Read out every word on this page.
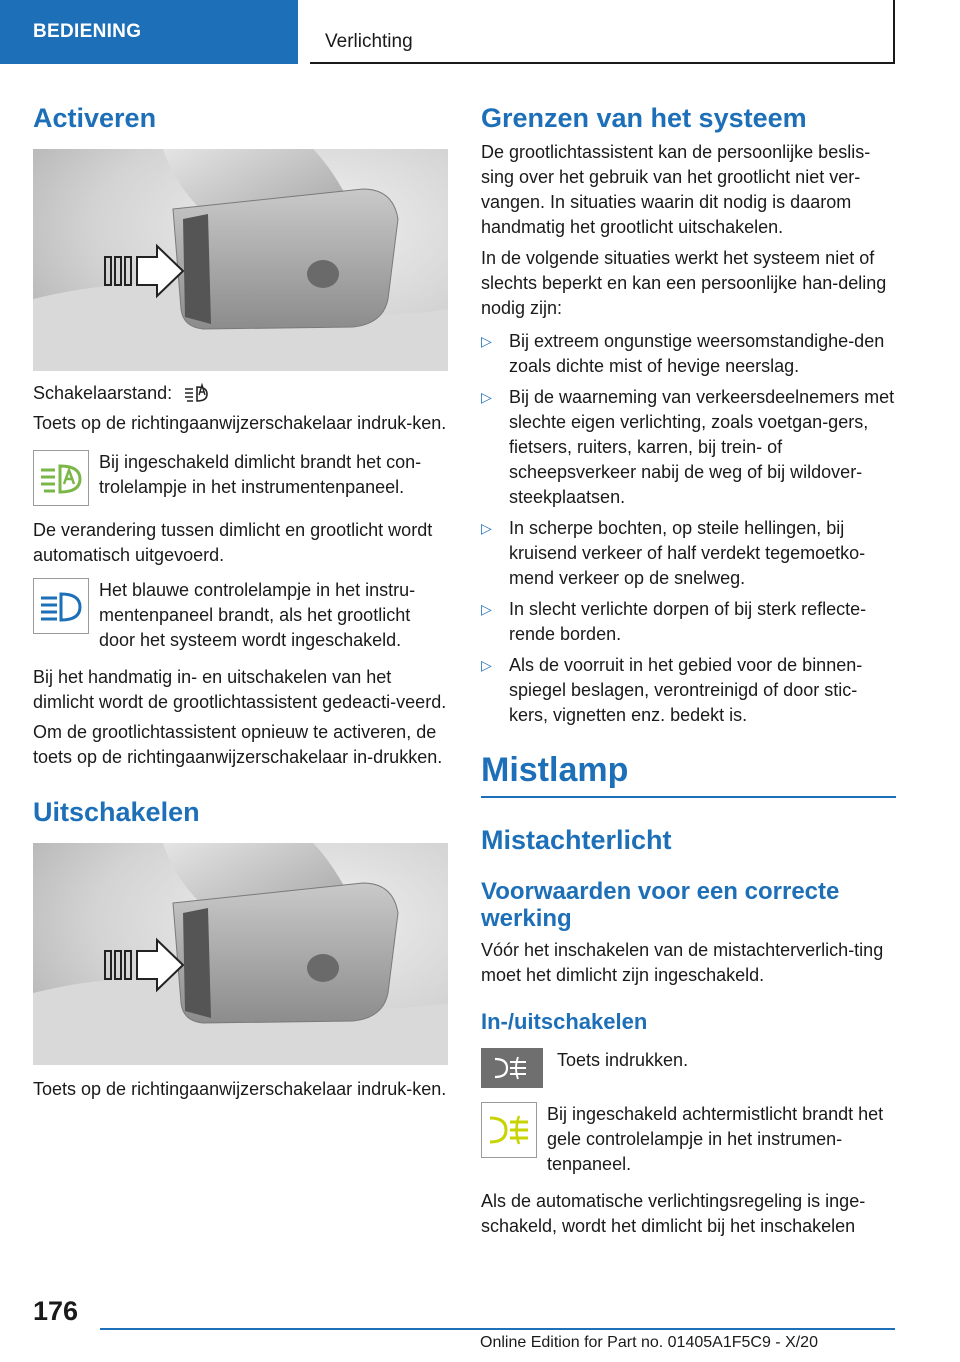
BEDIENING	Verlichting
Activeren

Schakelaarstand:

Toets op de richtingaanwijzerschakelaar indruk-ken.

Bij ingeschakeld dimlicht brandt het con-trolelampje in het instrumentenpaneel.

De verandering tussen dimlicht en grootlicht wordt automatisch uitgevoerd.

Het blauwe controlelampje in het instru-mentenpaneel brandt, als het grootlicht door het systeem wordt ingeschakeld.

Bij het handmatig in- en uitschakelen van het dimlicht wordt de grootlichtassistent gedeacti-veerd.

Om de grootlichtassistent opnieuw te activeren, de toets op de richtingaanwijzerschakelaar in-drukken.

Uitschakelen

Toets op de richtingaanwijzerschakelaar indruk-ken.

Grenzen van het systeem

De grootlichtassistent kan de persoonlijke beslis-sing over het gebruik van het grootlicht niet ver-vangen. In situaties waarin dit nodig is daarom handmatig het grootlicht uitschakelen.

In de volgende situaties werkt het systeem niet of slechts beperkt en kan een persoonlijke han-deling nodig zijn:

▷ Bij extreem ongunstige weersomstandighe-den zoals dichte mist of hevige neerslag.
▷ Bij de waarneming van verkeersdeelnemers met slechte eigen verlichting, zoals voetgan-gers, fietsers, ruiters, karren, bij trein- of scheepsverkeer nabij de weg of bij wildover-steekplaatsen.
▷ In scherpe bochten, op steile hellingen, bij kruisend verkeer of half verdekt tegemoetko-mend verkeer op de snelweg.
▷ In slecht verlichte dorpen of bij sterk reflecte-rende borden.
▷ Als de voorruit in het gebied voor de binnen-spiegel beslagen, verontreinigd of door stic-kers, vignetten enz. bedekt is.
Mistlamp
Mistachterlicht
Voorwaarden voor een correcte werking

Vóór het inschakelen van de mistachterverlich-ting moet het dimlicht zijn ingeschakeld.

In-/uitschakelen

Toets indrukken.

Bij ingeschakeld achtermistlicht brandt het gele controlelampje in het instrumen-tenpaneel.

Als de automatische verlichtingsregeling is inge-schakeld, wordt het dimlicht bij het inschakelen

176
Online Edition for Part no. 01405A1F5C9 - X/20
